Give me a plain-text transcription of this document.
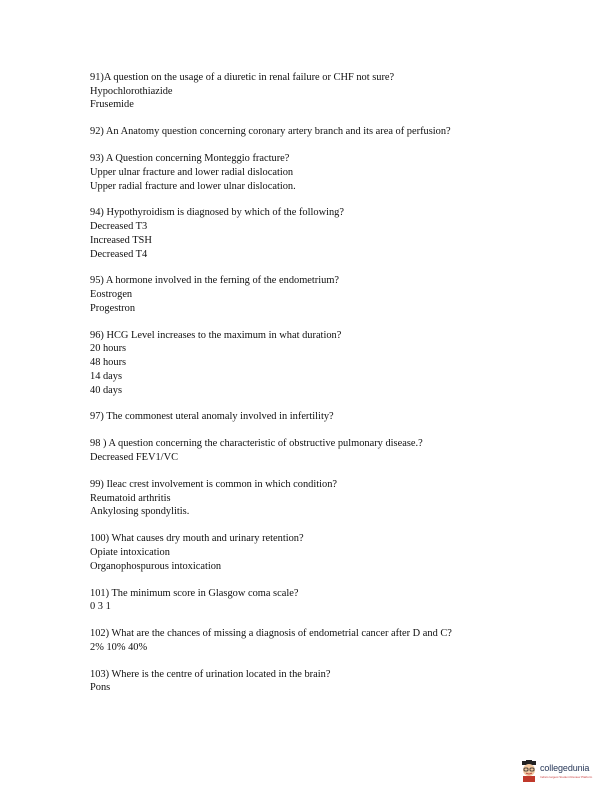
91)A question on the usage of a diuretic in renal failure or CHF not sure?
Hypochlorothiazide
Frusemide
92) An Anatomy question concerning coronary artery branch and its area of perfusion?
93) A Question concerning Monteggio fracture?
Upper ulnar fracture and lower radial dislocation
Upper radial fracture and lower ulnar dislocation.
94) Hypothyroidism is diagnosed by which of the following?
Decreased T3
Increased TSH
Decreased T4
95) A hormone involved in the ferning of the endometrium?
Eostrogen
Progestron
96) HCG Level increases to the maximum in what duration?
20 hours
48 hours
14 days
40 days
97) The commonest uteral anomaly involved in infertility?
98 ) A question concerning the characteristic of obstructive pulmonary disease.?
Decreased FEV1/VC
99) Ileac crest involvement is common in which condition?
Reumatoid arthritis
Ankylosing spondylitis.
100) What causes dry mouth and urinary retention?
Opiate intoxication
Organophospurous intoxication
101) The minimum score in Glasgow coma scale?
0 3 1
102) What are the chances of missing a diagnosis of endometrial cancer after D and C?
2% 10% 40%
103) Where is the centre of urination located in the brain?
Pons
collegedunia
India's largest Student Review Platform
